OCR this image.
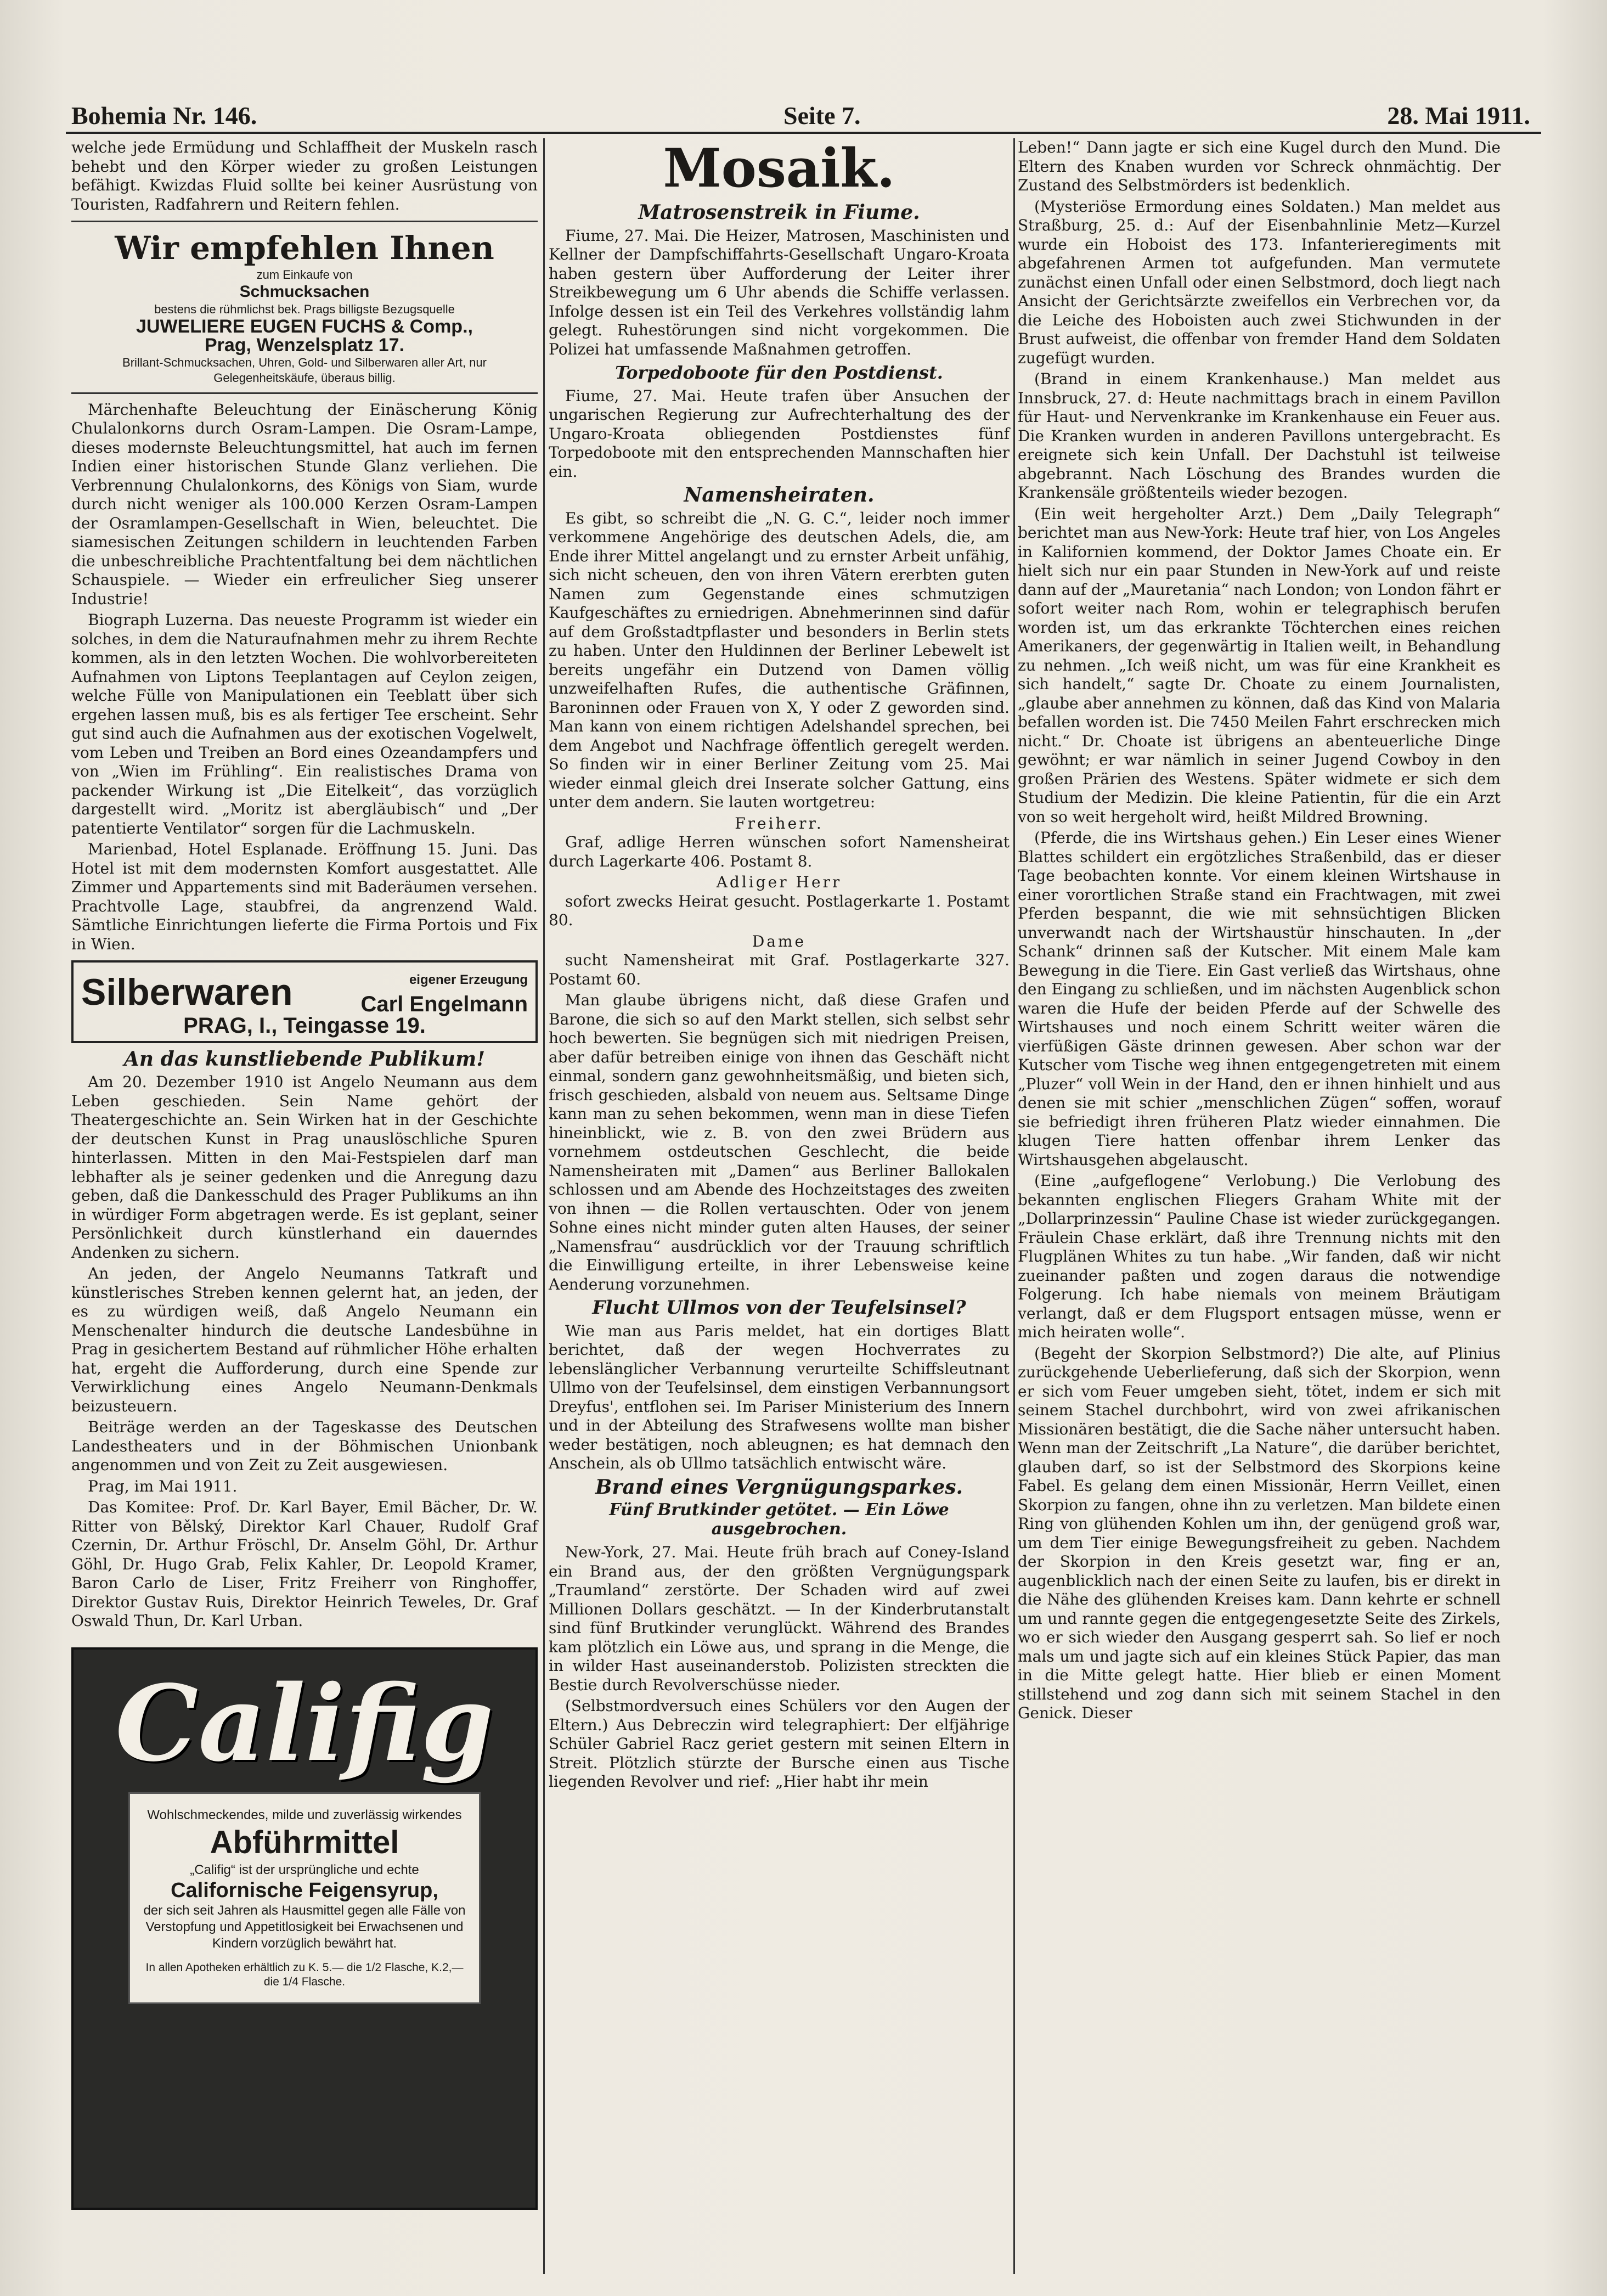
Bohemia Nr. 146.	Seite 7.	28. Mai 1911.

welche jede Ermüdung und Schlaffheit der Muskeln rasch behebt und den Körper wieder zu großen Leistungen befähigt. Kwizdas Fluid sollte bei keiner Ausrüstung von Touristen, Radfahrern und Reitern fehlen.

Wir empfehlen Ihnen
zum Einkaufe von
Schmucksachen
bestens die rühmlichst bek. Prags billigste Bezugsquelle
JUWELIERE EUGEN FUCHS & Comp.,
Prag, Wenzelsplatz 17.
Brillant-Schmucksachen, Uhren, Gold- und Silberwaren aller Art, nur Gelegenheitskäufe, überaus billig.

Märchenhafte Beleuchtung der Einäscherung König Chulalonkorns durch Osram-Lampen. Die Osram-Lampe, dieses modernste Beleuchtungsmittel, hat auch im fernen Indien einer historischen Stunde Glanz verliehen. Die Verbrennung Chulalonkorns, des Königs von Siam, wurde durch nicht weniger als 100.000 Kerzen Osram-Lampen der Osramlampen-Gesellschaft in Wien, beleuchtet. Die siamesischen Zeitungen schildern in leuchtenden Farben die unbeschreibliche Prachtentfaltung bei dem nächtlichen Schauspiele. — Wieder ein erfreulicher Sieg unserer Industrie!

Biograph Luzerna. Das neueste Programm ist wieder ein solches, in dem die Naturaufnahmen mehr zu ihrem Rechte kommen, als in den letzten Wochen. Die wohlvorbereiteten Aufnahmen von Liptons Teeplantagen auf Ceylon zeigen, welche Fülle von Manipulationen ein Teeblatt über sich ergehen lassen muß, bis es als fertiger Tee erscheint. Sehr gut sind auch die Aufnahmen aus der exotischen Vogelwelt, vom Leben und Treiben an Bord eines Ozeandampfers und von „Wien im Frühling“. Ein realistisches Drama von packender Wirkung ist „Die Eitelkeit“, das vorzüglich dargestellt wird. „Moritz ist abergläubisch“ und „Der patentierte Ventilator“ sorgen für die Lachmuskeln.

Marienbad, Hotel Esplanade. Eröffnung 15. Juni. Das Hotel ist mit dem modernsten Komfort ausgestattet. Alle Zimmer und Appartements sind mit Baderäumen versehen. Prachtvolle Lage, staubfrei, da angrenzend Wald. Sämtliche Einrichtungen lieferte die Firma Portois und Fix in Wien.

Silberwaren	eigener Erzeugung
Carl Engelmann
PRAG, I., Teingasse 19.
An das kunstliebende Publikum!

Am 20. Dezember 1910 ist Angelo Neumann aus dem Leben geschieden. Sein Name gehört der Theatergeschichte an. Sein Wirken hat in der Geschichte der deutschen Kunst in Prag unauslöschliche Spuren hinterlassen. Mitten in den Mai-Festspielen darf man lebhafter als je seiner gedenken und die Anregung dazu geben, daß die Dankesschuld des Prager Publikums an ihn in würdiger Form abgetragen werde. Es ist geplant, seiner Persönlichkeit durch künstlerhand ein dauerndes Andenken zu sichern.

An jeden, der Angelo Neumanns Tatkraft und künstlerisches Streben kennen gelernt hat, an jeden, der es zu würdigen weiß, daß Angelo Neumann ein Menschenalter hindurch die deutsche Landesbühne in Prag in gesichertem Bestand auf rühmlicher Höhe erhalten hat, ergeht die Aufforderung, durch eine Spende zur Verwirklichung eines Angelo Neumann-Denkmals beizusteuern.

Beiträge werden an der Tageskasse des Deutschen Landestheaters und in der Böhmischen Unionbank angenommen und von Zeit zu Zeit ausgewiesen.

Prag, im Mai 1911.

Das Komitee: Prof. Dr. Karl Bayer, Emil Bächer, Dr. W. Ritter von Bělský, Direktor Karl Chauer, Rudolf Graf Czernin, Dr. Arthur Fröschl, Dr. Anselm Göhl, Dr. Arthur Göhl, Dr. Hugo Grab, Felix Kahler, Dr. Leopold Kramer, Baron Carlo de Liser, Fritz Freiherr von Ringhoffer, Direktor Gustav Ruis, Direktor Heinrich Teweles, Dr. Graf Oswald Thun, Dr. Karl Urban.

Califig
Wohlschmeckendes, milde und zuverlässig wirkendes
Abführmittel
„Califig“ ist der ursprüngliche und echte
Californische Feigensyrup,
der sich seit Jahren als Hausmittel gegen alle Fälle von Verstopfung und Appetitlosigkeit bei Erwachsenen und Kindern vorzüglich bewährt hat.
In allen Apotheken erhältlich zu K. 5.— die 1/2 Flasche, K.2,— die 1/4 Flasche.
Mosaik.
Matrosenstreik in Fiume.

Fiume, 27. Mai. Die Heizer, Matrosen, Maschinisten und Kellner der Dampfschiffahrts-Gesellschaft Ungaro-Kroata haben gestern über Aufforderung der Leiter ihrer Streikbewegung um 6 Uhr abends die Schiffe verlassen. Infolge dessen ist ein Teil des Verkehres vollständig lahm gelegt. Ruhestörungen sind nicht vorgekommen. Die Polizei hat umfassende Maßnahmen getroffen.

Torpedoboote für den Postdienst.

Fiume, 27. Mai. Heute trafen über Ansuchen der ungarischen Regierung zur Aufrechterhaltung des der Ungaro-Kroata obliegenden Postdienstes fünf Torpedoboote mit den entsprechenden Mannschaften hier ein.

Namensheiraten.

Es gibt, so schreibt die „N. G. C.“, leider noch immer verkommene Angehörige des deutschen Adels, die, am Ende ihrer Mittel angelangt und zu ernster Arbeit unfähig, sich nicht scheuen, den von ihren Vätern ererbten guten Namen zum Gegenstande eines schmutzigen Kaufgeschäftes zu erniedrigen. Abnehmerinnen sind dafür auf dem Großstadtpflaster und besonders in Berlin stets zu haben. Unter den Huldinnen der Berliner Lebewelt ist bereits ungefähr ein Dutzend von Damen völlig unzweifelhaften Rufes, die authentische Gräfinnen, Baroninnen oder Frauen von X, Y oder Z geworden sind. Man kann von einem richtigen Adelshandel sprechen, bei dem Angebot und Nachfrage öffentlich geregelt werden. So finden wir in einer Berliner Zeitung vom 25. Mai wieder einmal gleich drei Inserate solcher Gattung, eins unter dem andern. Sie lauten wortgetreu:

Freiherr.

Graf, adlige Herren wünschen sofort Namensheirat durch Lagerkarte 406. Postamt 8.

Adliger Herr

sofort zwecks Heirat gesucht. Postlagerkarte 1. Postamt 80.

Dame

sucht Namensheirat mit Graf. Postlagerkarte 327. Postamt 60.

Man glaube übrigens nicht, daß diese Grafen und Barone, die sich so auf den Markt stellen, sich selbst sehr hoch bewerten. Sie begnügen sich mit niedrigen Preisen, aber dafür betreiben einige von ihnen das Geschäft nicht einmal, sondern ganz gewohnheitsmäßig, und bieten sich, frisch geschieden, alsbald von neuem aus. Seltsame Dinge kann man zu sehen bekommen, wenn man in diese Tiefen hineinblickt, wie z. B. von den zwei Brüdern aus vornehmem ostdeutschen Geschlecht, die beide Namensheiraten mit „Damen“ aus Berliner Ballokalen schlossen und am Abende des Hochzeitstages des zweiten von ihnen — die Rollen vertauschten. Oder von jenem Sohne eines nicht minder guten alten Hauses, der seiner „Namensfrau“ ausdrücklich vor der Trauung schriftlich die Einwilligung erteilte, in ihrer Lebensweise keine Aenderung vorzunehmen.

Flucht Ullmos von der Teufelsinsel?

Wie man aus Paris meldet, hat ein dortiges Blatt berichtet, daß der wegen Hochverrates zu lebenslänglicher Verbannung verurteilte Schiffsleutnant Ullmo von der Teufelsinsel, dem einstigen Verbannungsort Dreyfus', entflohen sei. Im Pariser Ministerium des Innern und in der Abteilung des Strafwesens wollte man bisher weder bestätigen, noch ableugnen; es hat demnach den Anschein, als ob Ullmo tatsächlich entwischt wäre.

Brand eines Vergnügungsparkes.
Fünf Brutkinder getötet. — Ein Löwe ausgebrochen.

New-York, 27. Mai. Heute früh brach auf Coney-Island ein Brand aus, der den größten Vergnügungspark „Traumland“ zerstörte. Der Schaden wird auf zwei Millionen Dollars geschätzt. — In der Kinderbrutanstalt sind fünf Brutkinder verunglückt. Während des Brandes kam plötzlich ein Löwe aus, und sprang in die Menge, die in wilder Hast auseinanderstob. Polizisten streckten die Bestie durch Revolverschüsse nieder.

(Selbstmordversuch eines Schülers vor den Augen der Eltern.) Aus Debreczin wird telegraphiert: Der elfjährige Schüler Gabriel Racz geriet gestern mit seinen Eltern in Streit. Plötzlich stürzte der Bursche einen aus Tische liegenden Revolver und rief: „Hier habt ihr mein

Leben!“ Dann jagte er sich eine Kugel durch den Mund. Die Eltern des Knaben wurden vor Schreck ohnmächtig. Der Zustand des Selbstmörders ist bedenklich.

(Mysteriöse Ermordung eines Soldaten.) Man meldet aus Straßburg, 25. d.: Auf der Eisenbahnlinie Metz—Kurzel wurde ein Hoboist des 173. Infanterieregiments mit abgefahrenen Armen tot aufgefunden. Man vermutete zunächst einen Unfall oder einen Selbstmord, doch liegt nach Ansicht der Gerichtsärzte zweifellos ein Verbrechen vor, da die Leiche des Hoboisten auch zwei Stichwunden in der Brust aufweist, die offenbar von fremder Hand dem Soldaten zugefügt wurden.

(Brand in einem Krankenhause.) Man meldet aus Innsbruck, 27. d: Heute nachmittags brach in einem Pavillon für Haut- und Nervenkranke im Krankenhause ein Feuer aus. Die Kranken wurden in anderen Pavillons untergebracht. Es ereignete sich kein Unfall. Der Dachstuhl ist teilweise abgebrannt. Nach Löschung des Brandes wurden die Krankensäle größtenteils wieder bezogen.

(Ein weit hergeholter Arzt.) Dem „Daily Telegraph“ berichtet man aus New-York: Heute traf hier, von Los Angeles in Kalifornien kommend, der Doktor James Choate ein. Er hielt sich nur ein paar Stunden in New-York auf und reiste dann auf der „Mauretania“ nach London; von London fährt er sofort weiter nach Rom, wohin er telegraphisch berufen worden ist, um das erkrankte Töchterchen eines reichen Amerikaners, der gegenwärtig in Italien weilt, in Behandlung zu nehmen. „Ich weiß nicht, um was für eine Krankheit es sich handelt,“ sagte Dr. Choate zu einem Journalisten, „glaube aber annehmen zu können, daß das Kind von Malaria befallen worden ist. Die 7450 Meilen Fahrt erschrecken mich nicht.“ Dr. Choate ist übrigens an abenteuerliche Dinge gewöhnt; er war nämlich in seiner Jugend Cowboy in den großen Prärien des Westens. Später widmete er sich dem Studium der Medizin. Die kleine Patientin, für die ein Arzt von so weit hergeholt wird, heißt Mildred Browning.

(Pferde, die ins Wirtshaus gehen.) Ein Leser eines Wiener Blattes schildert ein ergötzliches Straßenbild, das er dieser Tage beobachten konnte. Vor einem kleinen Wirtshause in einer vorortlichen Straße stand ein Frachtwagen, mit zwei Pferden bespannt, die wie mit sehnsüchtigen Blicken unverwandt nach der Wirtshaustür hinschauten. In „der Schank“ drinnen saß der Kutscher. Mit einem Male kam Bewegung in die Tiere. Ein Gast verließ das Wirtshaus, ohne den Eingang zu schließen, und im nächsten Augenblick schon waren die Hufe der beiden Pferde auf der Schwelle des Wirtshauses und noch einem Schritt weiter wären die vierfüßigen Gäste drinnen gewesen. Aber schon war der Kutscher vom Tische weg ihnen entgegengetreten mit einem „Pluzer“ voll Wein in der Hand, den er ihnen hinhielt und aus denen sie mit schier „menschlichen Zügen“ soffen, worauf sie befriedigt ihren früheren Platz wieder einnahmen. Die klugen Tiere hatten offenbar ihrem Lenker das Wirtshausgehen abgelauscht.

(Eine „aufgeflogene“ Verlobung.) Die Verlobung des bekannten englischen Fliegers Graham White mit der „Dollarprinzessin“ Pauline Chase ist wieder zurückgegangen. Fräulein Chase erklärt, daß ihre Trennung nichts mit den Flugplänen Whites zu tun habe. „Wir fanden, daß wir nicht zueinander paßten und zogen daraus die notwendige Folgerung. Ich habe niemals von meinem Bräutigam verlangt, daß er dem Flugsport entsagen müsse, wenn er mich heiraten wolle“.

(Begeht der Skorpion Selbstmord?) Die alte, auf Plinius zurückgehende Ueberlieferung, daß sich der Skorpion, wenn er sich vom Feuer umgeben sieht, tötet, indem er sich mit seinem Stachel durchbohrt, wird von zwei afrikanischen Missionären bestätigt, die die Sache näher untersucht haben. Wenn man der Zeitschrift „La Nature“, die darüber berichtet, glauben darf, so ist der Selbstmord des Skorpions keine Fabel. Es gelang dem einen Missionär, Herrn Veillet, einen Skorpion zu fangen, ohne ihn zu verletzen. Man bildete einen Ring von glühenden Kohlen um ihn, der genügend groß war, um dem Tier einige Bewegungsfreiheit zu geben. Nachdem der Skorpion in den Kreis gesetzt war, fing er an, augenblicklich nach der einen Seite zu laufen, bis er direkt in die Nähe des glühenden Kreises kam. Dann kehrte er schnell um und rannte gegen die entgegengesetzte Seite des Zirkels, wo er sich wieder den Ausgang gesperrt sah. So lief er noch mals um und jagte sich auf ein kleines Stück Papier, das man in die Mitte gelegt hatte. Hier blieb er einen Moment stillstehend und zog dann sich mit seinem Stachel in den Genick. Dieser
